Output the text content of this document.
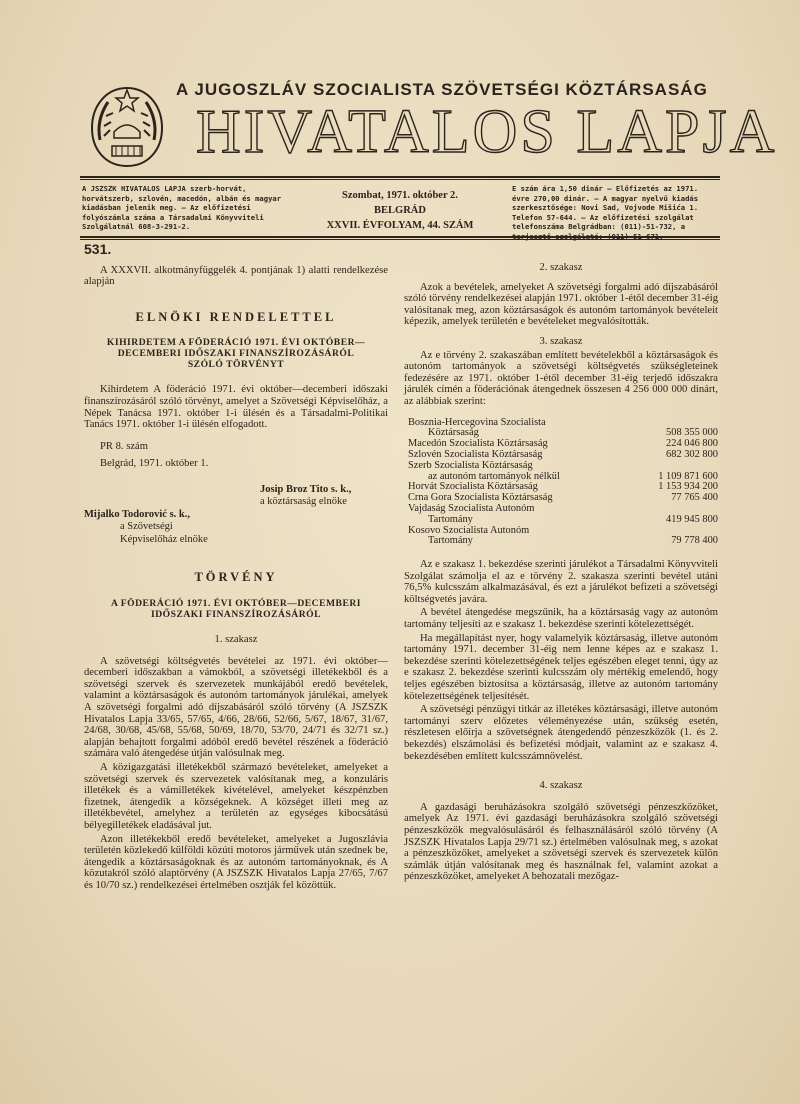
A JUGOSZLÁV SZOCIALISTA SZÖVETSÉGI KÖZTÁRSASÁG
HIVATALOS LAPJA
A JSZSZK HIVATALOS LAPJA szerb-horvát, horvátszerb, szlovén, macedón, albán és magyar kiadásban jelenik meg. — Az előfizetési folyószámla száma a Társadalmi Könyvviteli Szolgálatnál 608-3-291-2.
Szombat, 1971. október 2.
BELGRÁD
XXVII. ÉVFOLYAM, 44. SZÁM
E szám ára 1,50 dinár — Előfizetés az 1971. évre 270,00 dinár. — A magyar nyelvű kiadás szerkesztősége: Novi Sad, Vojvode Mišića 1. Telefon 57-644. — Az előfizetési szolgálat telefonszáma Belgrádban: (011)-51-732, a
531.

A XXXVII. alkotmányfüggelék 4. pontjának 1) alatti rendelkezése alapján

ELNÖKI RENDELETTEL
KIHIRDETEM A FÖDERÁCIÓ 1971. ÉVI OKTÓBER—DECEMBERI IDŐSZAKI FINANSZÍROZÁSÁRÓL SZÓLÓ TÖRVÉNYT

Kihirdetem A föderáció 1971. évi október—decemberi időszaki finanszírozásáról szóló törvényt, amelyet a Szövetségi Képviselőház, a Népek Tanácsa 1971. október 1-i ülésén és a Társadalmi-Politikai Tanács 1971. október 1-i ülésén elfogadott.

PR 8. szám

Belgrád, 1971. október 1.

Josip Broz Tito s. k.,
a köztársaság elnöke
Mijalko Todorović s. k.,
a Szövetségi
Képviselőház elnöke
TÖRVÉNY
A FÖDERÁCIÓ 1971. ÉVI OKTÓBER—DECEMBERI IDŐSZAKI FINANSZÍROZÁSÁRÓL
1. szakasz

A szövetségi költségvetés bevételei az 1971. évi október—decemberi időszakban a vámokból, a szövetségi illetékekből és a szövetségi szervek és szervezetek munkájából eredő bevételek, valamint a köztársaságok és autonóm tartományok járulékai, amelyek A szövetségi forgalmi adó díjszabásáról szóló törvény (A JSZSZK Hivatalos Lapja 33/65, 57/65, 4/66, 28/66, 52/66, 5/67, 18/67, 31/67, 24/68, 30/68, 45/68, 55/68, 50/69, 18/70, 53/70, 24/71 és 32/71 sz.) alapján behajtott forgalmi adóból eredő bevétel részének a föderáció számára való átengedése útján valósulnak meg.

A közigazgatási illetékekből származó bevételeket, amelyeket a szövetségi szervek és szervezetek valósítanak meg, a konzuláris illetékek és a vámilletékek kivételével, amelyeket készpénzben fizetnek, átengedik a községeknek. A községet illeti meg az illetékbevétel, amelyhez a területén az egységes kibocsátású bélyegilletékek eladásával jut.

Azon illetékekből eredő bevételeket, amelyeket a Jugoszlávia területén közlekedő külföldi közúti motoros járművek után szednek be, átengedik a köztársaságoknak és az autonóm tartományoknak, és A közutakról szóló alaptörvény (A JSZSZK Hivatalos Lapja 27/65, 7/67 és 10/70 sz.) rendelkezései értelmében osztják fel közöttük.

2. szakasz

Azok a bevételek, amelyeket A szövetségi forgalmi adó díjszabásáról szóló törvény rendelkezései alapján 1971. október 1-étől december 31-éig valósítanak meg, azon köztársaságok és autonóm tartományok bevételeit képezik, amelyek területén e bevételeket megvalósították.

3. szakasz

Az e törvény 2. szakaszában említett bevételekből a köztársaságok és autonóm tartományok a szövetségi költségvetés szükségleteinek fedezésére az 1971. október 1-étől december 31-éig terjedő időszakra járulék címén a föderációnak átengednek összesen 4 256 000 000 dinárt, az alábbiak szerint:

Bosznia-Hercegovina Szocialista	
Köztársaság	508 355 000
Macedón Szocialista Köztársaság	224 046 800
Szlovén Szocialista Köztársaság	682 302 800
Szerb Szocialista Köztársaság	
az autonóm tartományok nélkül	1 109 871 600
Horvát Szocialista Köztársaság	1 153 934 200
Crna Gora Szocialista Köztársaság	77 765 400
Vajdaság Szocialista Autonóm	
Tartomány	419 945 800
Kosovo Szocialista Autonóm	
Tartomány	79 778 400

Az e szakasz 1. bekezdése szerinti járulékot a Társadalmi Könyvviteli Szolgálat számolja el az e törvény 2. szakasza szerinti bevétel utáni 76,5% kulcsszám alkalmazásával, és ezt a járulékot befizeti a szövetségi költségvetés javára.

A bevétel átengedése megszűnik, ha a köztársaság vagy az autonóm tartomány teljesíti az e szakasz 1. bekezdése szerinti kötelezettségét.

Ha megállapítást nyer, hogy valamelyik köztársaság, illetve autonóm tartomány 1971. december 31-éig nem lenne képes az e szakasz 1. bekezdése szerinti kötelezettségének teljes egészében eleget tenni, úgy az e szakasz 2. bekezdése szerinti kulcsszám oly mértékig emelendő, hogy teljes egészében biztosítsa a köztársaság, illetve az autonóm tartomány kötelezettségének teljesítését.

A szövetségi pénzügyi titkár az illetékes köztársasági, illetve autonóm tartományi szerv előzetes véleményezése után, szükség esetén, részletesen előírja a szövetségnek átengedendő pénzeszközök (1. és 2. bekezdés) elszámolási és befizetési módjait, valamint az e szakasz 4. bekezdésében említett kulcsszámnövelést.

4. szakasz

A gazdasági beruházásokra szolgáló szövetségi pénzeszközöket, amelyek Az 1971. évi gazdasági beruházásokra szolgáló szövetségi pénzeszközök megvalósulásáról és felhasználásáról szóló törvény (A JSZSZK Hivatalos Lapja 29/71 sz.) értelmében valósulnak meg, s azokat a pénzeszközöket, amelyeket a szövetségi szervek és szervezetek külön számlák útján valósítanak meg és használnak fel, valamint azokat a pénzeszközöket, amelyeket A behozatali mezőgaz-
